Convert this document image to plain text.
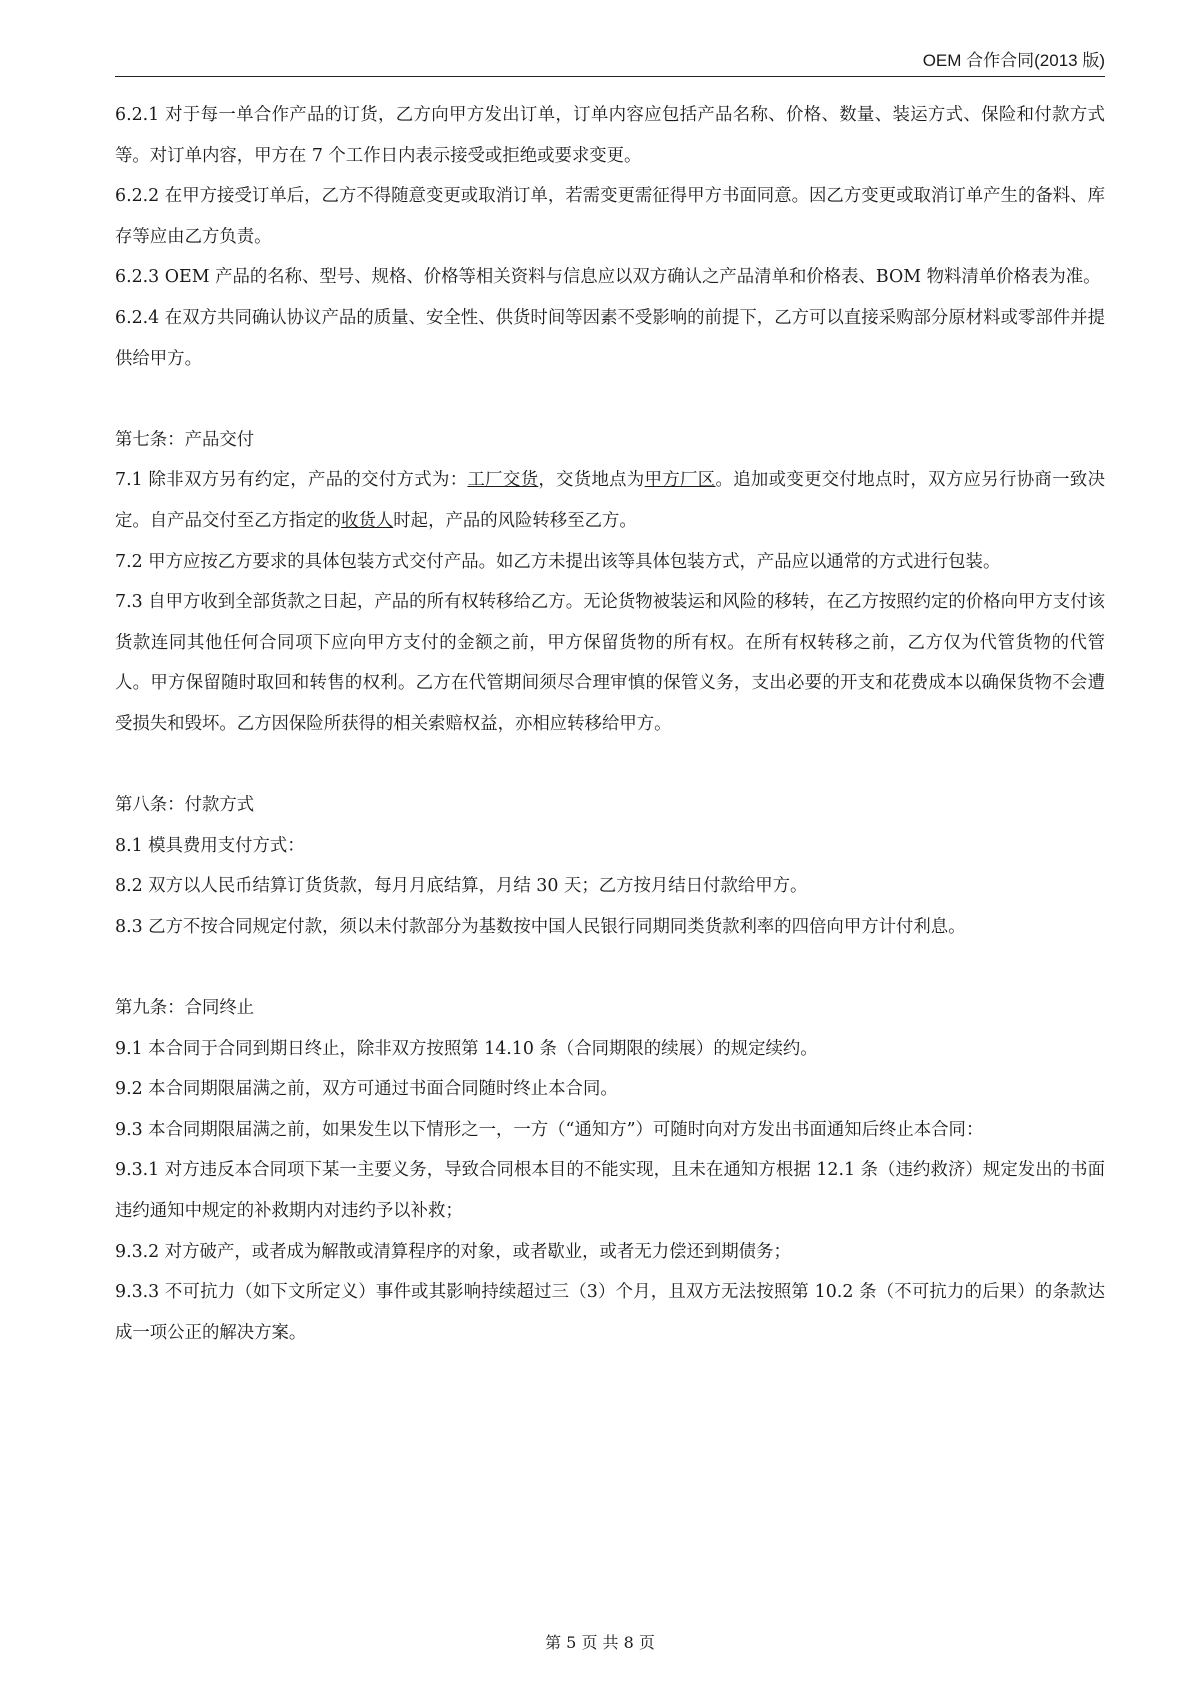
OEM 合作合同(2013 版)

6.2.1 对于每一单合作产品的订货，乙方向甲方发出订单，订单内容应包括产品名称、价格、数量、装运方式、保险和付款方式等。对订单内容，甲方在 7 个工作日内表示接受或拒绝或要求变更。

6.2.2 在甲方接受订单后，乙方不得随意变更或取消订单，若需变更需征得甲方书面同意。因乙方变更或取消订单产生的备料、库存等应由乙方负责。

6.2.3 OEM 产品的名称、型号、规格、价格等相关资料与信息应以双方确认之产品清单和价格表、BOM 物料清单价格表为准。

6.2.4 在双方共同确认协议产品的质量、安全性、供货时间等因素不受影响的前提下，乙方可以直接采购部分原材料或零部件并提供给甲方。

第七条：产品交付

7.1 除非双方另有约定，产品的交付方式为：工厂交货，交货地点为甲方厂区。追加或变更交付地点时，双方应另行协商一致决定。自产品交付至乙方指定的收货人时起，产品的风险转移至乙方。

7.2 甲方应按乙方要求的具体包装方式交付产品。如乙方未提出该等具体包装方式，产品应以通常的方式进行包装。

7.3 自甲方收到全部货款之日起，产品的所有权转移给乙方。无论货物被装运和风险的移转，在乙方按照约定的价格向甲方支付该货款连同其他任何合同项下应向甲方支付的金额之前，甲方保留货物的所有权。在所有权转移之前，乙方仅为代管货物的代管人。甲方保留随时取回和转售的权利。乙方在代管期间须尽合理审慎的保管义务，支出必要的开支和花费成本以确保货物不会遭受损失和毁坏。乙方因保险所获得的相关索赔权益，亦相应转移给甲方。

第八条：付款方式

8.1 模具费用支付方式：

8.2 双方以人民币结算订货货款，每月月底结算，月结 30 天；乙方按月结日付款给甲方。

8.3 乙方不按合同规定付款，须以未付款部分为基数按中国人民银行同期同类货款利率的四倍向甲方计付利息。

第九条：合同终止

9.1 本合同于合同到期日终止，除非双方按照第 14.10 条（合同期限的续展）的规定续约。

9.2 本合同期限届满之前，双方可通过书面合同随时终止本合同。

9.3 本合同期限届满之前，如果发生以下情形之一，一方（“通知方”）可随时向对方发出书面通知后终止本合同：

9.3.1 对方违反本合同项下某一主要义务，导致合同根本目的不能实现，且未在通知方根据 12.1 条（违约救济）规定发出的书面违约通知中规定的补救期内对违约予以补救；

9.3.2 对方破产，或者成为解散或清算程序的对象，或者歇业，或者无力偿还到期债务；

9.3.3 不可抗力（如下文所定义）事件或其影响持续超过三（3）个月，且双方无法按照第 10.2 条（不可抗力的后果）的条款达成一项公正的解决方案。

第 5 页 共 8 页
